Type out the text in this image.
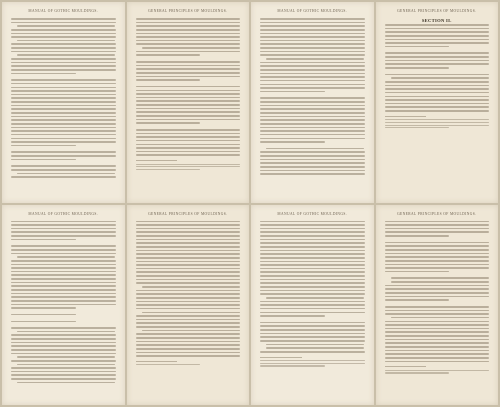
MANUAL OF GOTHIC MOULDINGS.	GENERAL PRINCIPLES OF MOULDINGS.	MANUAL OF GOTHIC MOULDINGS.	GENERAL PRINCIPLES OF MOULDINGS.
SECTION II.
MANUAL OF GOTHIC MOULDINGS.	GENERAL PRINCIPLES OF MOULDINGS.	MANUAL OF GOTHIC MOULDINGS.	GENERAL PRINCIPLES OF MOULDINGS.
